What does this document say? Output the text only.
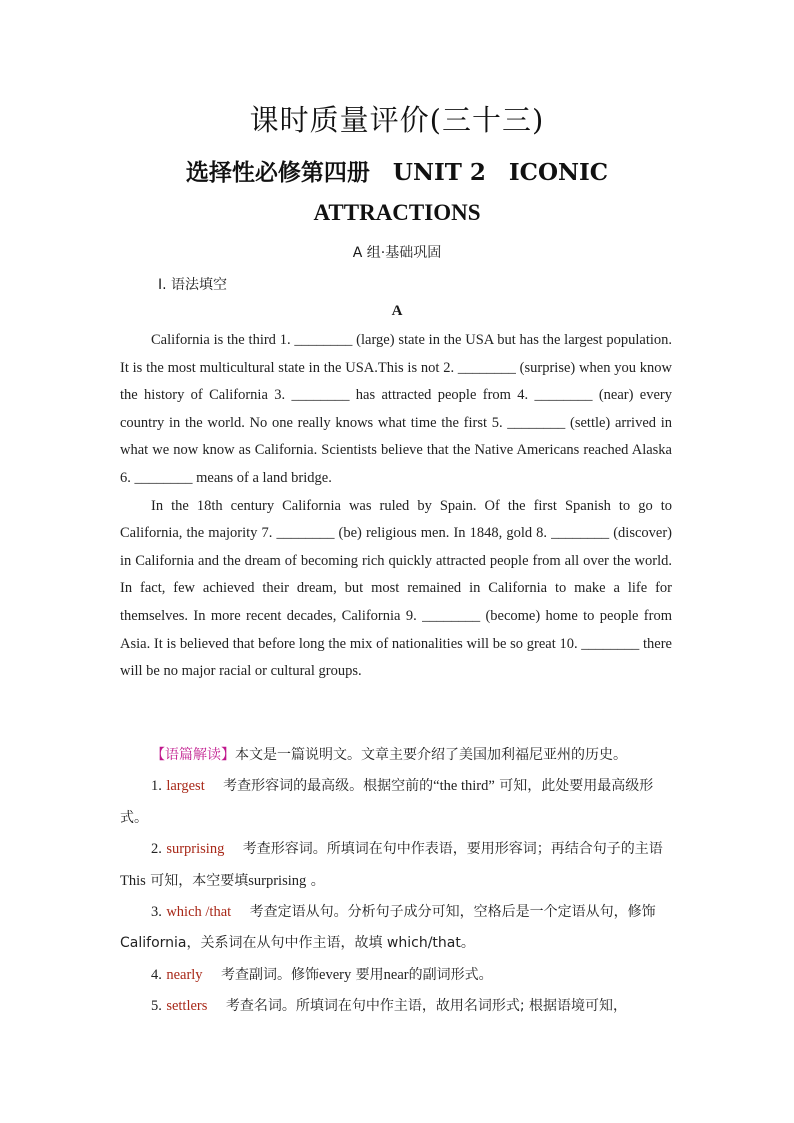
课时质量评价(三十三)
选择性必修第四册　UNIT 2　ICONIC
ATTRACTIONS
A 组·基础巩固
Ⅰ. 语法填空
A

California is the third 1. ________ (large) state in the USA but has the largest population. It is the most multicultural state in the USA.This is not 2. ________ (surprise) when you know the history of California 3. ________ has attracted people from 4. ________ (near) every country in the world. No one really knows what time the first 5. ________ (settle) arrived in what we now know as California. Scientists believe that the Native Americans reached Alaska 6. ________ means of a land bridge.

In the 18th century California was ruled by Spain. Of the first Spanish to go to California, the majority 7. ________ (be) religious men. In 1848, gold 8. ________ (discover) in California and the dream of becoming rich quickly attracted people from all over the world. In fact, few achieved their dream, but most remained in California to make a life for themselves. In more recent decades, California 9. ________ (become) home to people from Asia. It is believed that before long the mix of nationalities will be so great 10. ________ there will be no major racial or cultural groups.

【语篇解读】本文是一篇说明文。文章主要介绍了美国加利福尼亚州的历史。

1. largest　 考查形容词的最高级。根据空前的“the third” 可知，此处要用最高级形式。

2. surprising　 考查形容词。所填词在句中作表语，要用形容词；再结合句子的主语 This 可知，本空要填surprising 。

3. which /that　 考查定语从句。分析句子成分可知，空格后是一个定语从句，修饰 California，关系词在从句中作主语，故填 which/that。

4. nearly　 考查副词。修饰every 要用near的副词形式。

5. settlers　 考查名词。所填词在句中作主语，故用名词形式; 根据语境可知，
